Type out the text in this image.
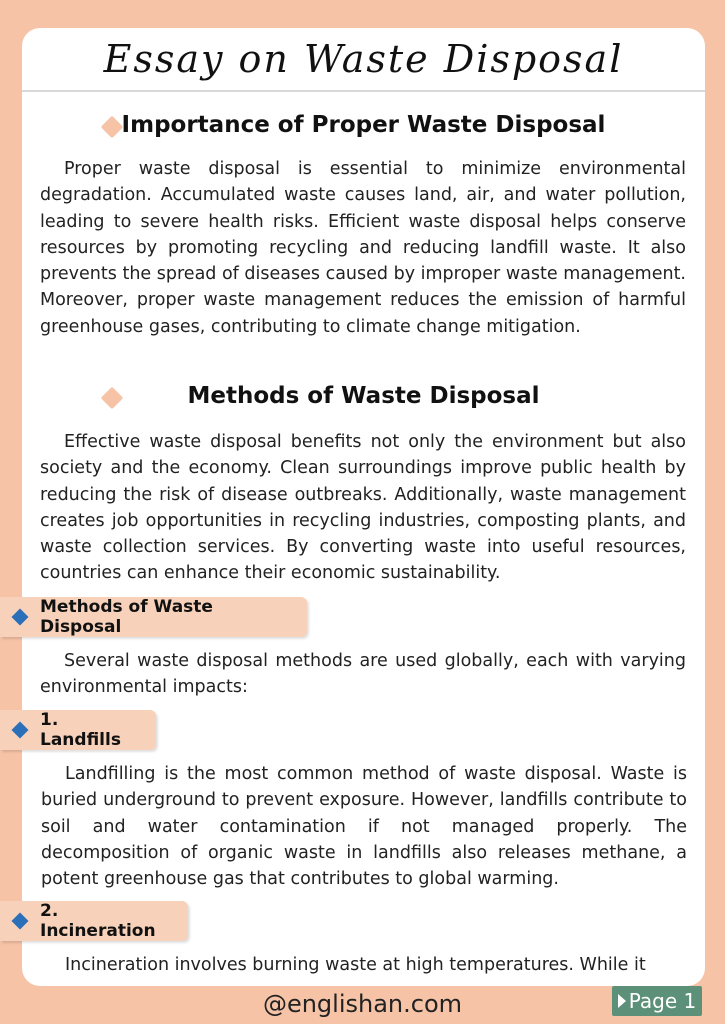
Essay on Waste Disposal
Importance of Proper Waste Disposal

Proper waste disposal is essential to minimize environmental degradation. Accumulated waste causes land, air, and water pollution, leading to severe health risks. Efficient waste disposal helps conserve resources by promoting recycling and reducing landfill waste. It also prevents the spread of diseases caused by improper waste management. Moreover, proper waste management reduces the emission of harmful greenhouse gases, contributing to climate change mitigation.

Methods of Waste Disposal

Effective waste disposal benefits not only the environment but also society and the economy. Clean surroundings improve public health by reducing the risk of disease outbreaks. Additionally, waste management creates job opportunities in recycling industries, composting plants, and waste collection services. By converting waste into useful resources, countries can enhance their economic sustainability.

Methods of Waste Disposal

Several waste disposal methods are used globally, each with varying environmental impacts:

1. Landfills

Landfilling is the most common method of waste disposal. Waste is buried underground to prevent exposure. However, landfills contribute to soil and water contamination if not managed properly. The decomposition of organic waste in landfills also releases methane, a potent greenhouse gas that contributes to global warming.

2. Incineration

Incineration involves burning waste at high temperatures. While it

@englishan.com	Page 1
